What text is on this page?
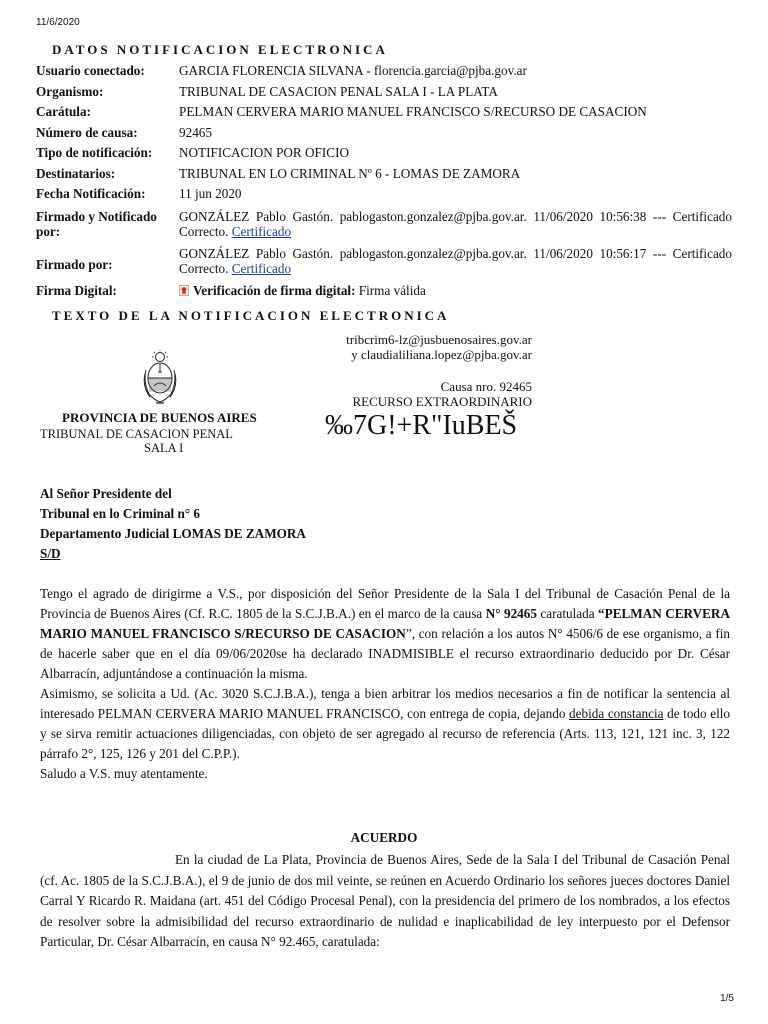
11/6/2020
DATOS NOTIFICACION ELECTRONICA
Usuario conectado:	GARCIA FLORENCIA SILVANA - florencia.garcia@pjba.gov.ar
Organismo:	TRIBUNAL DE CASACION PENAL SALA I - LA PLATA
Carátula:	PELMAN CERVERA MARIO MANUEL FRANCISCO S/RECURSO DE CASACION
Número de causa:	92465
Tipo de notificación:	NOTIFICACION POR OFICIO
Destinatarios:	TRIBUNAL EN LO CRIMINAL Nº 6 - LOMAS DE ZAMORA
Fecha Notificación:	11 jun 2020
Firmado y Notificado
por:	GONZÁLEZ Pablo Gastón. pablogaston.gonzalez@pjba.gov.ar. 11/06/2020 10:56:38 --- Certificado Correcto. Certificado
Firmado por:	GONZÁLEZ Pablo Gastón. pablogaston.gonzalez@pjba.gov.ar. 11/06/2020 10:56:17 --- Certificado Correcto. Certificado
Firma Digital:	Verificación de firma digital: Firma válida
TEXTO DE LA NOTIFICACION ELECTRONICA
PROVINCIA DE BUENOS AIRES
TRIBUNAL DE CASACION PENAL
SALA I
tribcrim6-lz@jusbuenosaires.gov.ar
y claudialiliana.lopez@pjba.gov.ar
Causa nro. 92465
RECURSO EXTRAORDINARIO
‰7G!+R"IuBEŠ
Al Señor Presidente del
Tribunal en lo Criminal n° 6
Departamento Judicial LOMAS DE ZAMORA
S/D

Tengo el agrado de dirigirme a V.S., por disposición del Señor Presidente de la Sala I del Tribunal de Casación Penal de la Provincia de Buenos Aires (Cf. R.C. 1805 de la S.C.J.B.A.) en el marco de la causa N° 92465 caratulada “PELMAN CERVERA MARIO MANUEL FRANCISCO S/RECURSO DE CASACION”, con relación a los autos N° 4506/6 de ese organismo, a fin de hacerle saber que en el día 09/06/2020se ha declarado INADMISIBLE el recurso extraordinario deducido por Dr. César Albarracín, adjuntándose a continuación la misma.

Asimismo, se solicita a Ud. (Ac. 3020 S.C.J.B.A.), tenga a bien arbitrar los medios necesarios a fin de notificar la sentencia al interesado PELMAN CERVERA MARIO MANUEL FRANCISCO, con entrega de copia, dejando debida constancia de todo ello y se sirva remitir actuaciones diligenciadas, con objeto de ser agregado al recurso de referencia (Arts. 113, 121, 121 inc. 3, 122 párrafo 2°, 125, 126 y 201 del C.P.P.).

Saludo a V.S. muy atentamente.

ACUERDO

En la ciudad de La Plata, Provincia de Buenos Aires, Sede de la Sala I del Tribunal de Casación Penal (cf. Ac. 1805 de la S.C.J.B.A.), el 9 de junio de dos mil veinte, se reúnen en Acuerdo Ordinario los señores jueces doctores Daniel Carral Y Ricardo R. Maidana (art. 451 del Código Procesal Penal), con la presidencia del primero de los nombrados, a los efectos de resolver sobre la admisibilidad del recurso extraordinario de nulidad e inaplicabilidad de ley interpuesto por el Defensor Particular, Dr. César Albarracín, en causa N° 92.465, caratulada:

1/5
